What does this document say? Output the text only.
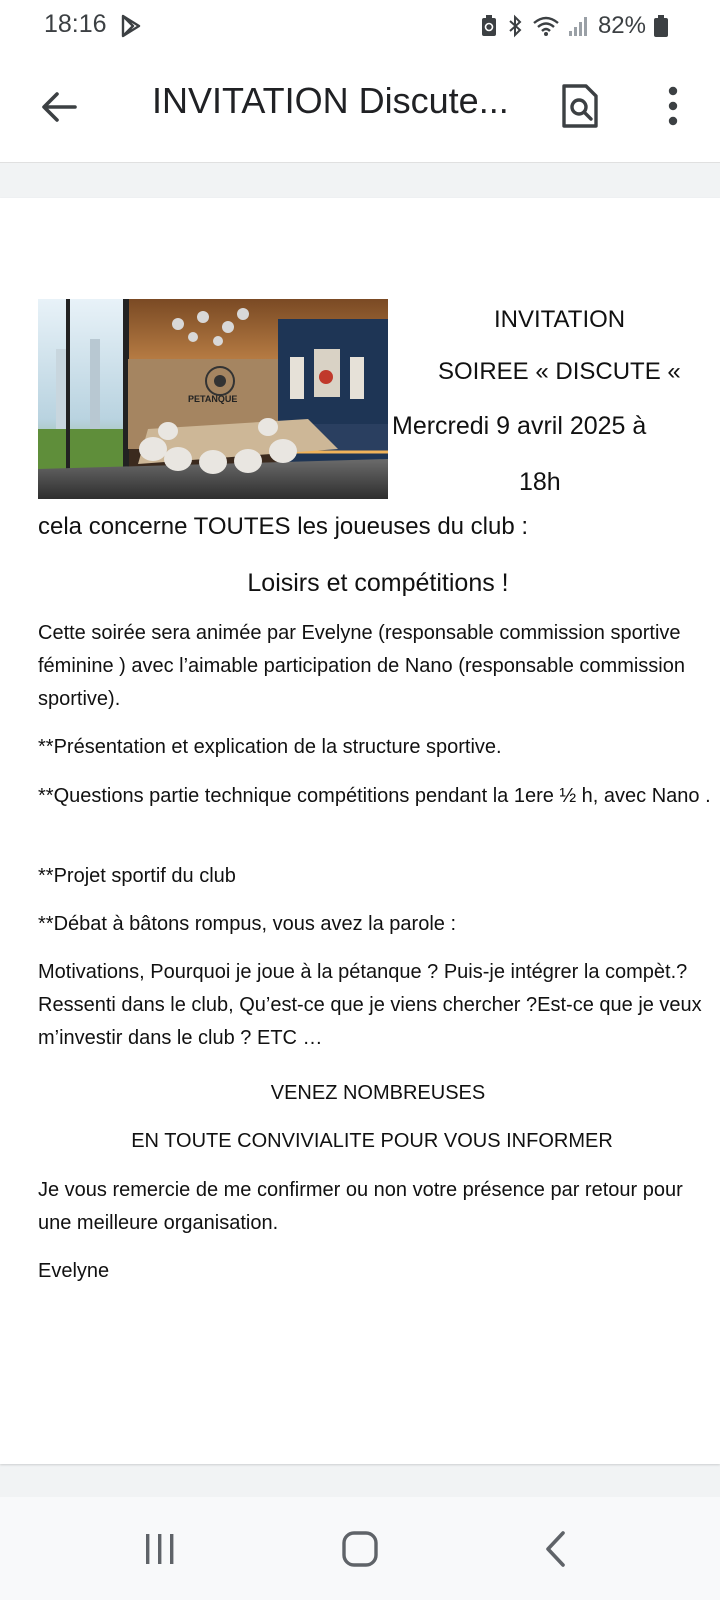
18:16	82%
INVITATION Discute...
PETANQUE
INVITATION
SOIREE « DISCUTE «
Mercredi 9 avril 2025 à
18h
cela concerne TOUTES les joueuses du club :
Loisirs et compétitions !
Cette soirée sera animée par Evelyne (responsable commission sportive féminine ) avec l’aimable participation de Nano (responsable commission sportive).
**Présentation et explication de la structure sportive.
**Questions partie technique compétitions pendant la 1ere ½ h, avec Nano .
**Projet sportif du club
**Débat à bâtons rompus, vous avez la parole :
Motivations, Pourquoi je joue à la pétanque ? Puis-je intégrer la compèt.? Ressenti dans le club, Qu’est-ce que je viens chercher ?Est-ce que je veux m’investir dans le club ? ETC …
VENEZ NOMBREUSES
EN TOUTE CONVIVIALITE POUR VOUS INFORMER
Je vous remercie de me confirmer ou non votre présence par retour pour une meilleure organisation.
Evelyne
